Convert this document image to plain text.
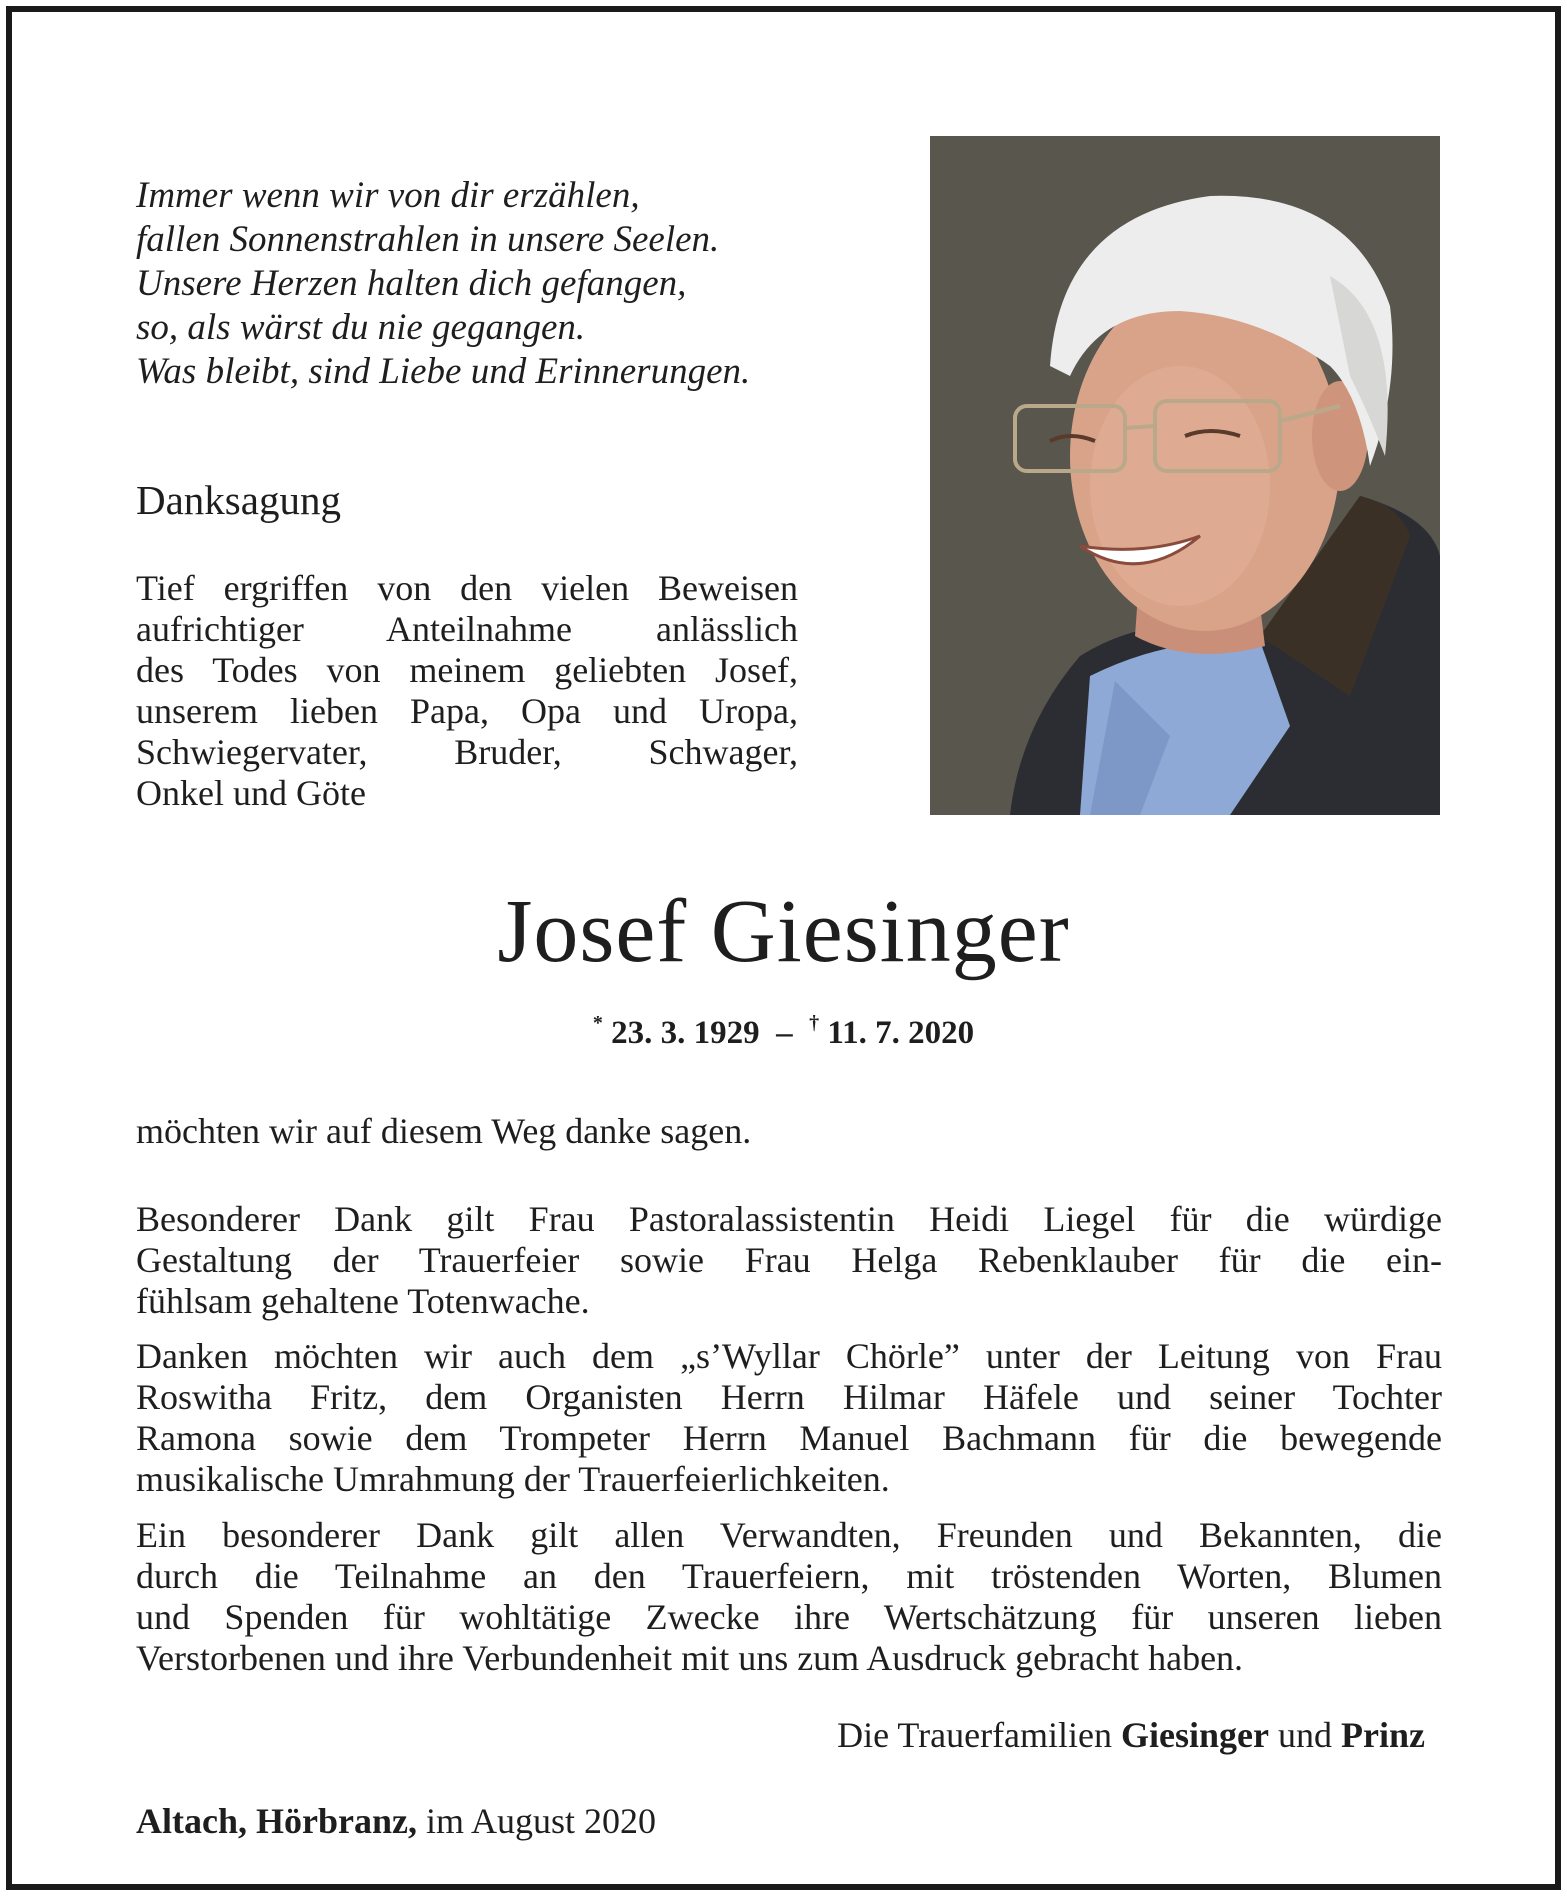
Immer wenn wir von dir erzählen,
fallen Sonnenstrahlen in unsere Seelen.
Unsere Herzen halten dich gefangen,
so, als wärst du nie gegangen.
Was bleibt, sind Liebe und Erinnerungen.

Danksagung
Tief ergriffen von den vielen Beweisen
aufrichtiger Anteilnahme anlässlich
des Todes von meinem geliebten Josef,
unserem lieben Papa, Opa und Uropa,
Schwiegervater, Bruder, Schwager,
Onkel und Göte
Josef Giesinger
* 23. 3. 1929 – † 11. 7. 2020
möchten wir auf diesem Weg danke sagen.
Besonderer Dank gilt Frau Pastoralassistentin Heidi Liegel für die würdige
Gestaltung der Trauerfeier sowie Frau Helga Rebenklauber für die ein-
fühlsam gehaltene Totenwache.
Danken möchten wir auch dem „s’Wyllar Chörle” unter der Leitung von Frau
Roswitha Fritz, dem Organisten Herrn Hilmar Häfele und seiner Tochter
Ramona sowie dem Trompeter Herrn Manuel Bachmann für die bewegende
musikalische Umrahmung der Trauerfeierlichkeiten.
Ein besonderer Dank gilt allen Verwandten, Freunden und Bekannten, die
durch die Teilnahme an den Trauerfeiern, mit tröstenden Worten, Blumen
und Spenden für wohltätige Zwecke ihre Wertschätzung für unseren lieben
Verstorbenen und ihre Verbundenheit mit uns zum Ausdruck gebracht haben.
Die Trauerfamilien Giesinger und Prinz
Altach, Hörbranz, im August 2020
